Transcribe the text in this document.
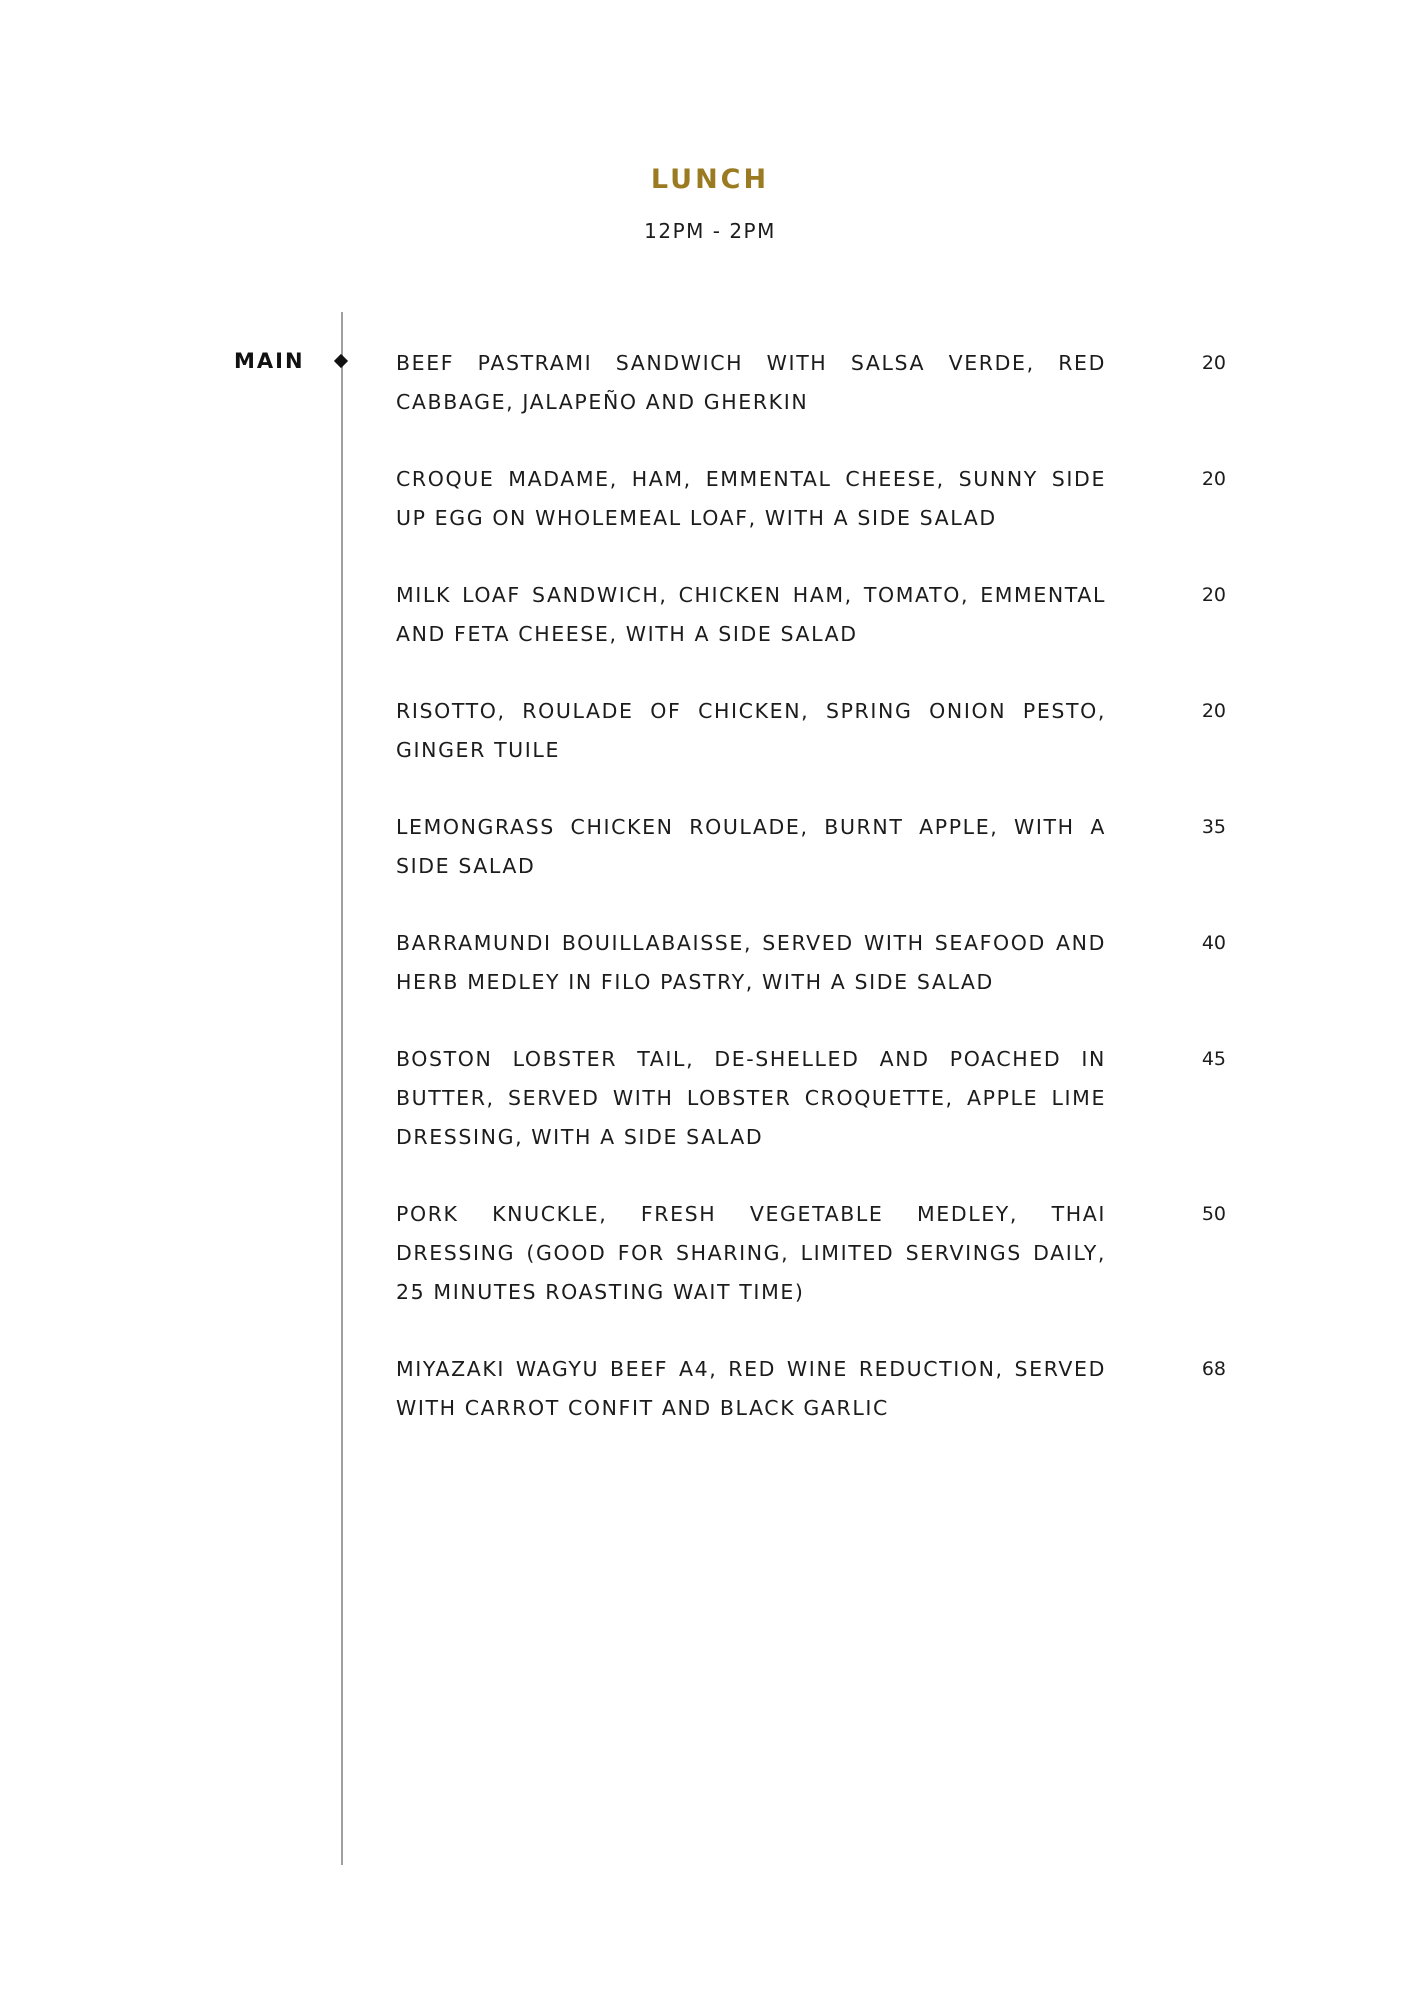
LUNCH
12PM - 2PM
MAIN	BEEF PASTRAMI SANDWICH WITH SALSA VERDE, RED CABBAGE, JALAPEÑO AND GHERKIN
20
CROQUE MADAME, HAM, EMMENTAL CHEESE, SUNNY SIDE UP EGG ON WHOLEMEAL LOAF, WITH A SIDE SALAD
20
MILK LOAF SANDWICH, CHICKEN HAM, TOMATO, EMMENTAL AND FETA CHEESE, WITH A SIDE SALAD
20
RISOTTO, ROULADE OF CHICKEN, SPRING ONION PESTO, GINGER TUILE
20
LEMONGRASS CHICKEN ROULADE, BURNT APPLE, WITH A SIDE SALAD
35
BARRAMUNDI BOUILLABAISSE, SERVED WITH SEAFOOD AND HERB MEDLEY IN FILO PASTRY, WITH A SIDE SALAD
40
BOSTON LOBSTER TAIL, DE-SHELLED AND POACHED IN BUTTER, SERVED WITH LOBSTER CROQUETTE, APPLE LIME DRESSING, WITH A SIDE SALAD
45
PORK KNUCKLE, FRESH VEGETABLE MEDLEY, THAI DRESSING (GOOD FOR SHARING, LIMITED SERVINGS DAILY, 25 MINUTES ROASTING WAIT TIME)
50
MIYAZAKI WAGYU BEEF A4, RED WINE REDUCTION, SERVED WITH CARROT CONFIT AND BLACK GARLIC
68
